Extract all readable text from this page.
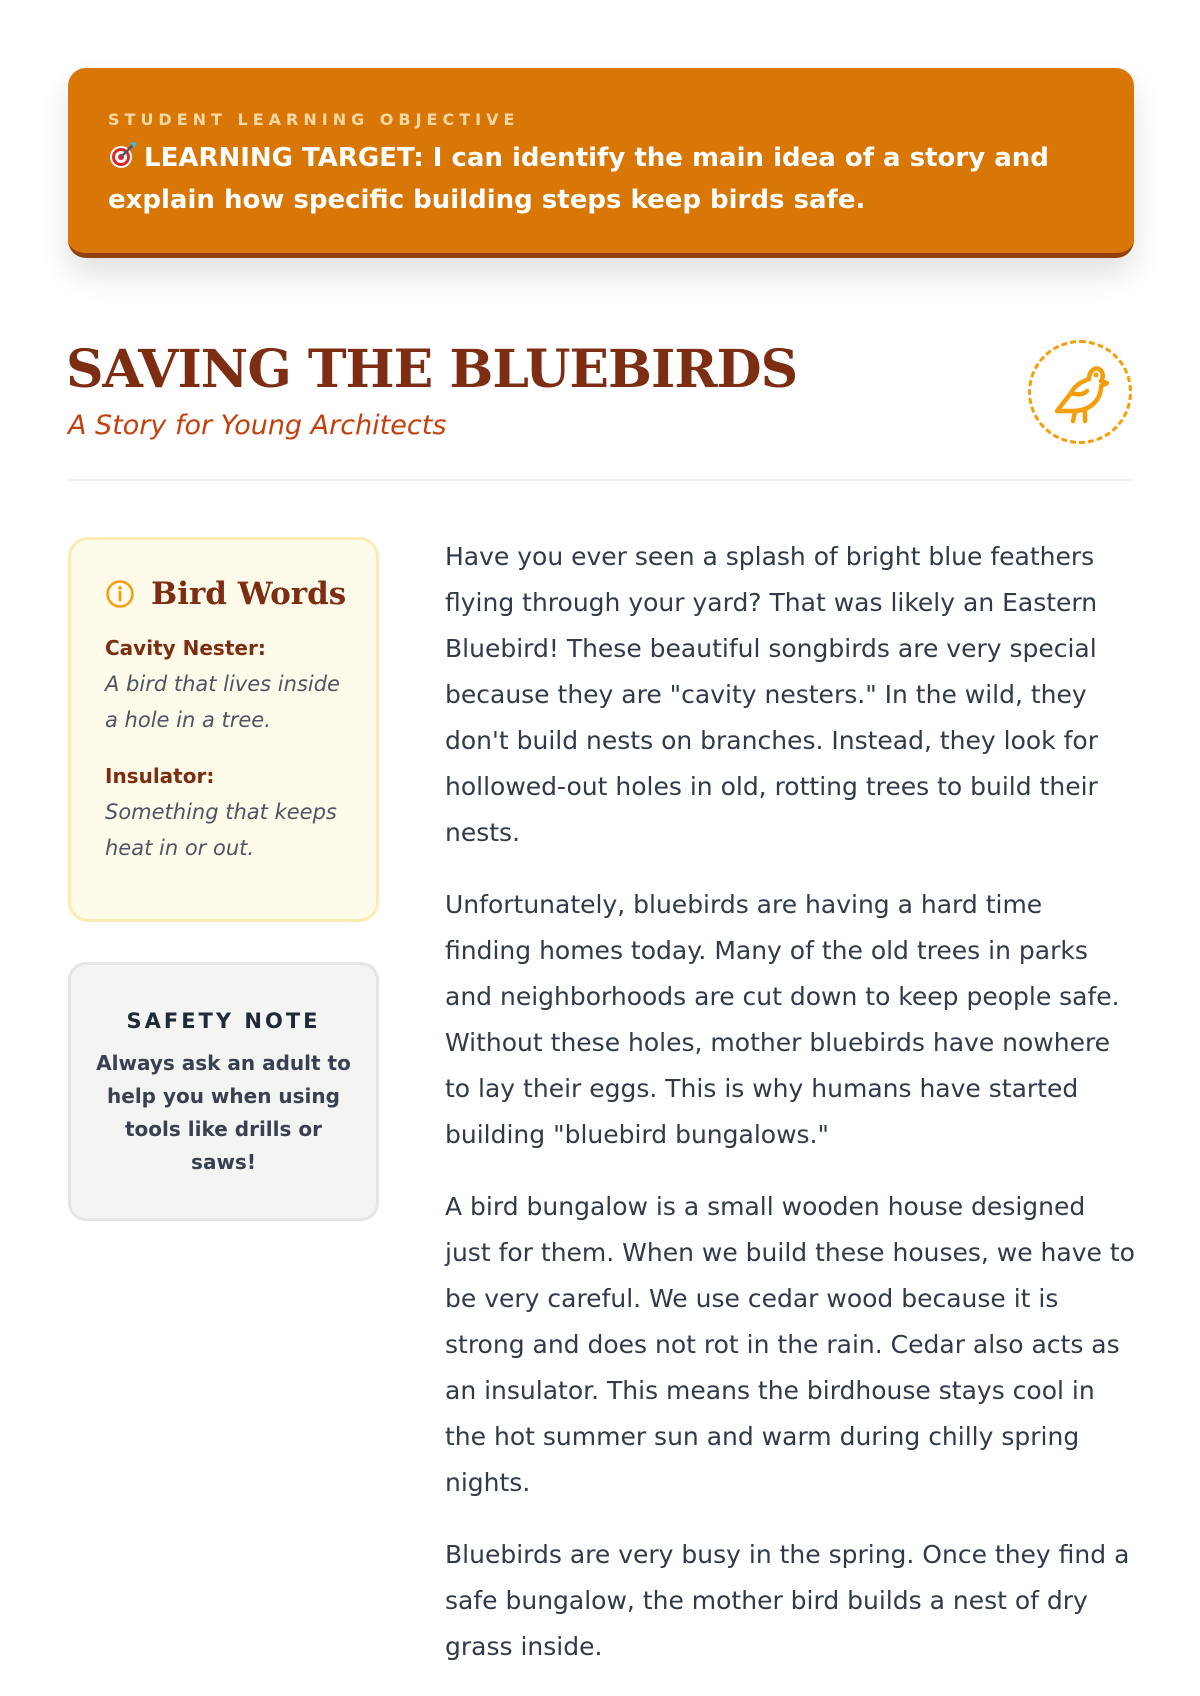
STUDENT LEARNING OBJECTIVE

LEARNING TARGET: I can identify the main idea of a story and explain how specific building steps keep birds safe.

SAVING THE BLUEBIRDS

A Story for Young Architects

Bird Words

Cavity Nester:

A bird that lives inside a hole in a tree.

Insulator:

Something that keeps heat in or out.

SAFETY NOTE

Always ask an adult to help you when using tools like drills or saws!

Have you ever seen a splash of bright blue feathers flying through your yard? That was likely an Eastern Bluebird! These beautiful songbirds are very special because they are "cavity nesters." In the wild, they don't build nests on branches. Instead, they look for hollowed-out holes in old, rotting trees to build their nests.

Unfortunately, bluebirds are having a hard time finding homes today. Many of the old trees in parks and neighborhoods are cut down to keep people safe. Without these holes, mother bluebirds have nowhere to lay their eggs. This is why humans have started building "bluebird bungalows."

A bird bungalow is a small wooden house designed just for them. When we build these houses, we have to be very careful. We use cedar wood because it is strong and does not rot in the rain. Cedar also acts as an insulator. This means the birdhouse stays cool in the hot summer sun and warm during chilly spring nights.

Bluebirds are very busy in the spring. Once they find a safe bungalow, the mother bird builds a nest of dry grass inside.
